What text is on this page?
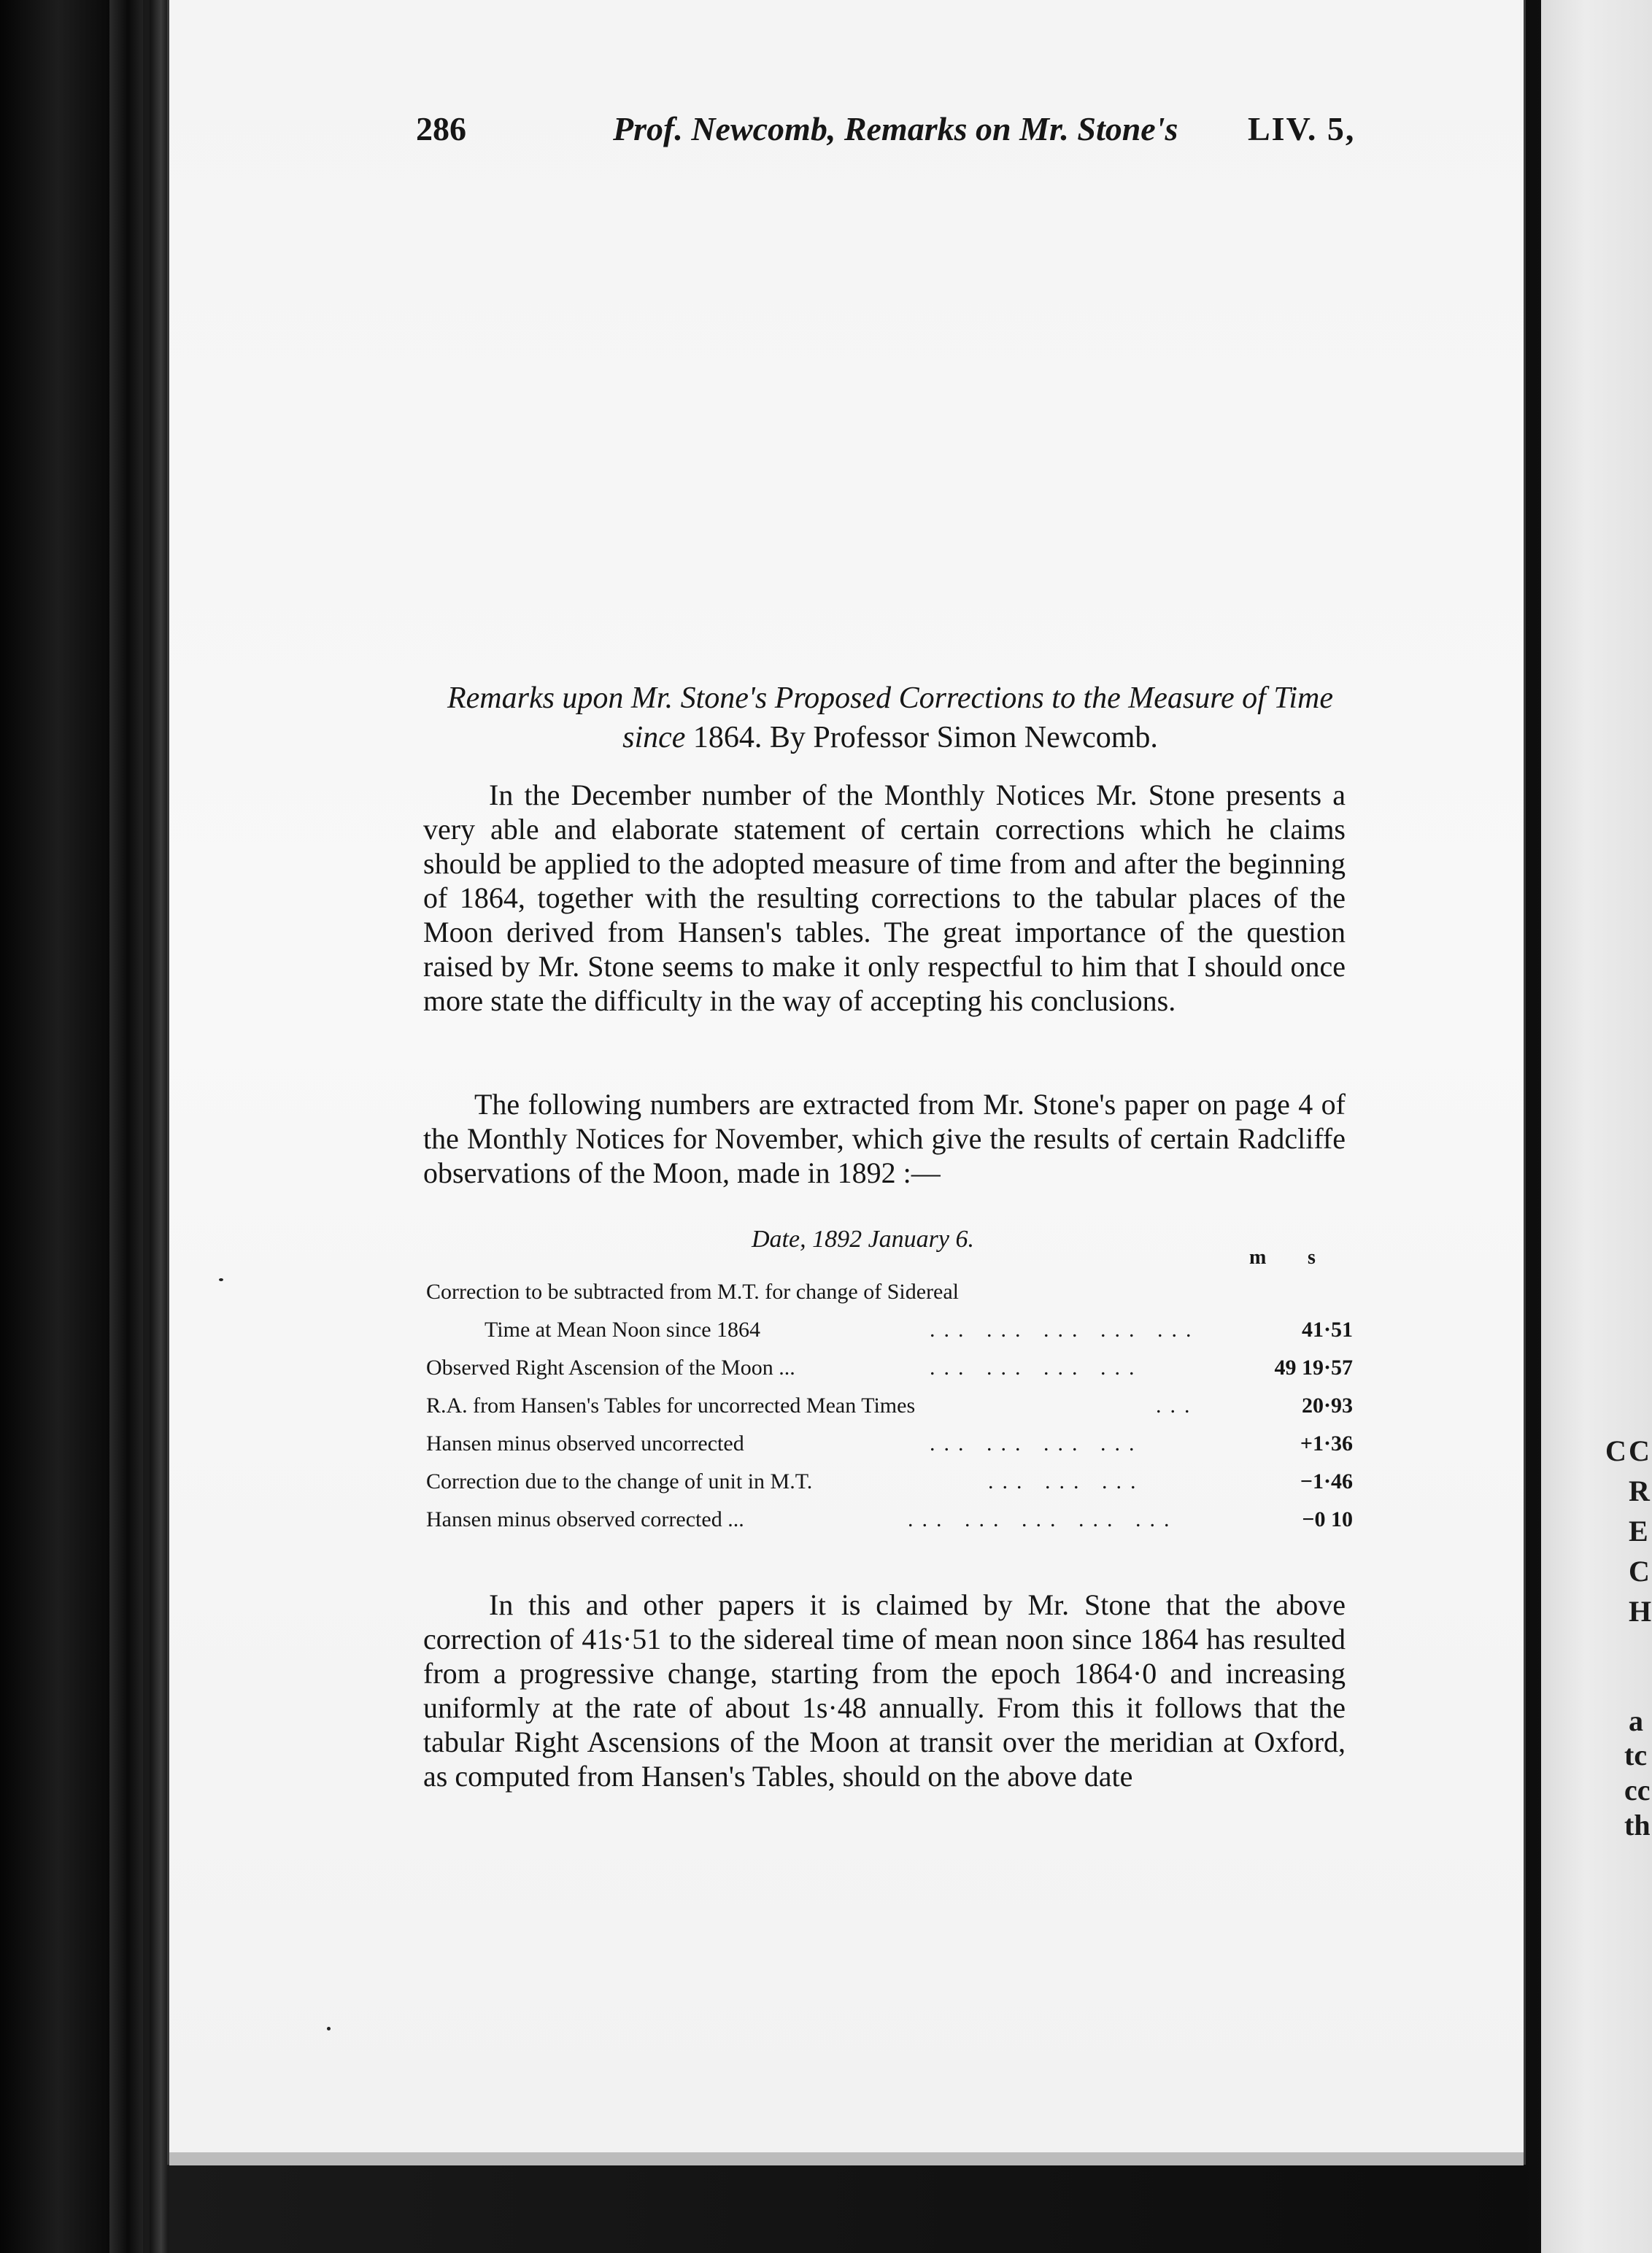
C C
R
E
C
H
a
tc
cc
th
286	Prof. Newcomb, Remarks on Mr. Stone's LIV. 5,
Remarks upon Mr. Stone's Proposed Corrections to the Measure of Time since 1864. By Professor Simon Newcomb.
In the December number of the Monthly Notices Mr. Stone presents a very able and elaborate statement of certain corrections which he claims should be applied to the adopted measure of time from and after the beginning of 1864, together with the resulting corrections to the tabular places of the Moon derived from Hansen's tables. The great importance of the question raised by Mr. Stone seems to make it only respectful to him that I should once more state the difficulty in the way of accepting his conclusions.
The following numbers are extracted from Mr. Stone's paper on page 4 of the Monthly Notices for November, which give the results of certain Radcliffe observations of the Moon, made in 1892 :—
Date, 1892 January 6.
m s
Correction to be subtracted from M.T. for change of Sidereal
Time at Mean Noon since 1864	... ... ... ... ...	41·51
Observed Right Ascension of the Moon ...	... ... ... ...	49 19·57
R.A. from Hansen's Tables for uncorrected Mean Times	...	20·93
Hansen minus observed uncorrected	... ... ... ...	+1·36
Correction due to the change of unit in M.T.	... ... ...	−1·46
Hansen minus observed corrected ...	... ... ... ... ...	−0 10
In this and other papers it is claimed by Mr. Stone that the above correction of 41s·51 to the sidereal time of mean noon since 1864 has resulted from a progressive change, starting from the epoch 1864·0 and increasing uniformly at the rate of about 1s·48 annually. From this it follows that the tabular Right Ascensions of the Moon at transit over the meridian at Oxford, as computed from Hansen's Tables, should on the above date
